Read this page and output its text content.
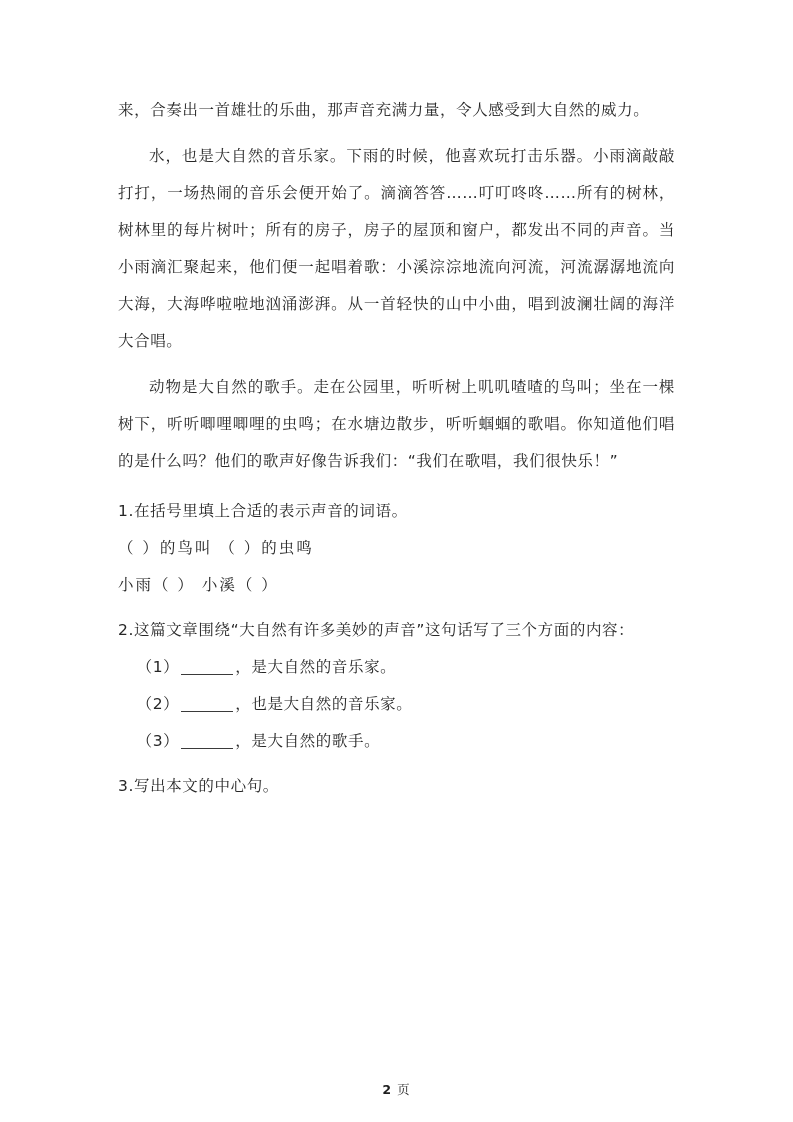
来，合奏出一首雄壮的乐曲，那声音充满力量，令人感受到大自然的威力。

水，也是大自然的音乐家。下雨的时候，他喜欢玩打击乐器。小雨滴敲敲打打，一场热闹的音乐会便开始了。滴滴答答……叮叮咚咚……所有的树林，树林里的每片树叶；所有的房子，房子的屋顶和窗户，都发出不同的声音。当小雨滴汇聚起来，他们便一起唱着歌：小溪淙淙地流向河流，河流潺潺地流向大海，大海哗啦啦地汹涌澎湃。从一首轻快的山中小曲，唱到波澜壮阔的海洋大合唱。

动物是大自然的歌手。走在公园里，听听树上叽叽喳喳的鸟叫；坐在一棵树下，听听唧哩唧哩的虫鸣；在水塘边散步，听听蝈蝈的歌唱。你知道他们唱的是什么吗？他们的歌声好像告诉我们：“我们在歌唱，我们很快乐！”

1.在括号里填上合适的表示声音的词语。

（ ）的鸟叫 （ ）的虫鸣

小雨（ ） 小溪（ ）

2.这篇文章围绕“大自然有许多美妙的声音”这句话写了三个方面的内容：

（1）	，是大自然的音乐家。

（2）	，也是大自然的音乐家。

（3）	，是大自然的歌手。

3.写出本文的中心句。

2 页
